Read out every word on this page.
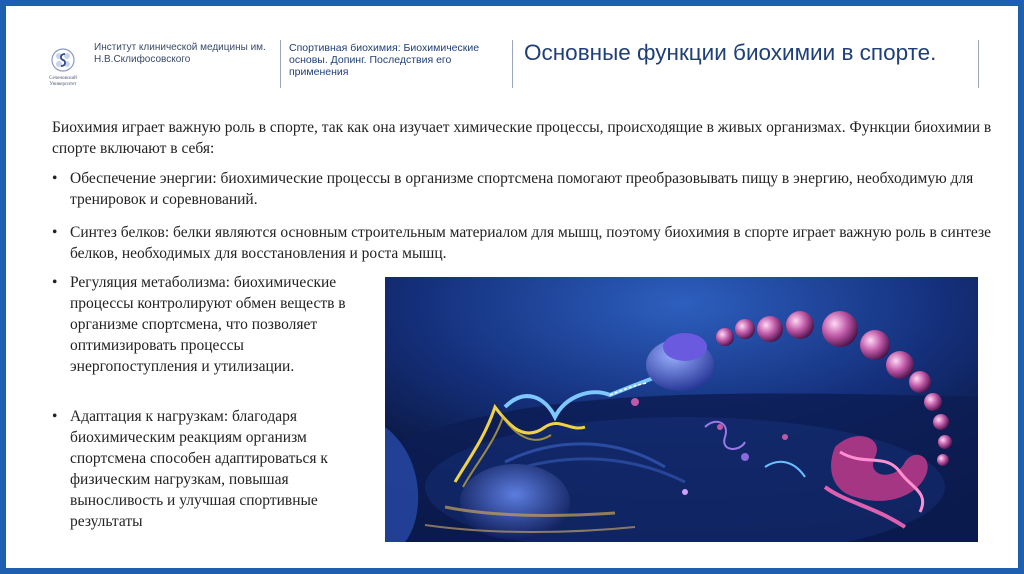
Сеченовский Университет
Институт клинической медицины им. Н.В.Склифосовского
Спортивная биохимия: Биохимические основы. Допинг. Последствия его применения
Основные функции биохимии в спорте.
Биохимия играет важную роль в спорте, так как она изучает химические процессы, происходящие в живых организмах. Функции биохимии в спорте включают в себя:
• Обеспечение энергии: биохимические процессы в организме спортсмена помогают преобразовывать пищу в энергию, необходимую для тренировок и соревнований.
• Синтез белков: белки являются основным строительным материалом для мышц, поэтому биохимия в спорте играет важную роль в синтезе белков, необходимых для восстановления и роста мышц.
• Регуляция метаболизма: биохимические процессы контролируют обмен веществ в организме спортсмена, что позволяет оптимизировать процессы энергопоступления и утилизации.
• Адаптация к нагрузкам: благодаря биохимическим реакциям организм спортсмена способен адаптироваться к физическим нагрузкам, повышая выносливость и улучшая спортивные результаты
